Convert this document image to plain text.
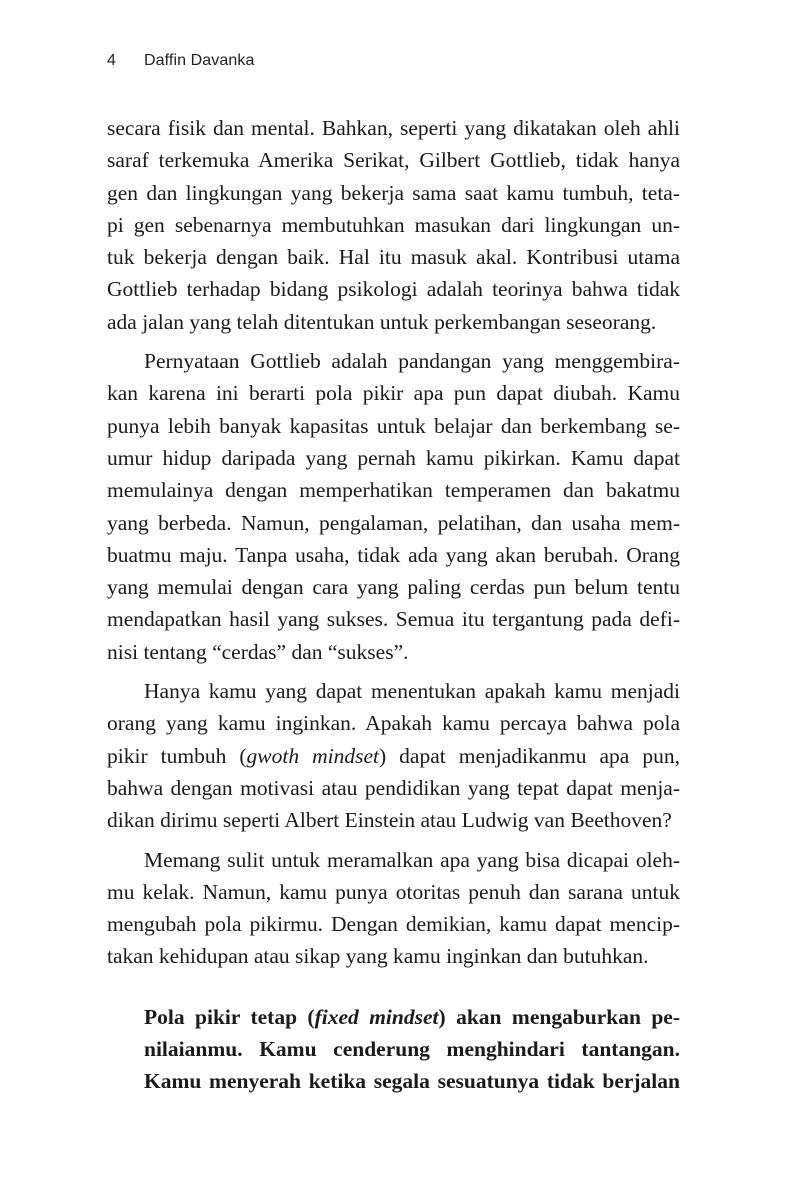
4 Daffin Davanka

secara fisik dan mental. Bahkan, seperti yang dikatakan oleh ahli
saraf terkemuka Amerika Serikat, Gilbert Gottlieb, tidak hanya
gen dan lingkungan yang bekerja sama saat kamu tumbuh, teta-
pi gen sebenarnya membutuhkan masukan dari lingkungan un-
tuk bekerja dengan baik. Hal itu masuk akal. Kontribusi utama
Gottlieb terhadap bidang psikologi adalah teorinya bahwa tidak
ada jalan yang telah ditentukan untuk perkembangan seseorang.

Pernyataan Gottlieb adalah pandangan yang menggembira-
kan karena ini berarti pola pikir apa pun dapat diubah. Kamu
punya lebih banyak kapasitas untuk belajar dan berkembang se-
umur hidup daripada yang pernah kamu pikirkan. Kamu dapat
memulainya dengan memperhatikan temperamen dan bakatmu
yang berbeda. Namun, pengalaman, pelatihan, dan usaha mem-
buatmu maju. Tanpa usaha, tidak ada yang akan berubah. Orang
yang memulai dengan cara yang paling cerdas pun belum tentu
mendapatkan hasil yang sukses. Semua itu tergantung pada defi-
nisi tentang “cerdas” dan “sukses”.

Hanya kamu yang dapat menentukan apakah kamu menjadi
orang yang kamu inginkan. Apakah kamu percaya bahwa pola
pikir tumbuh (gwoth mindset) dapat menjadikanmu apa pun,
bahwa dengan motivasi atau pendidikan yang tepat dapat menja-
dikan dirimu seperti Albert Einstein atau Ludwig van Beethoven?

Memang sulit untuk meramalkan apa yang bisa dicapai oleh-
mu kelak. Namun, kamu punya otoritas penuh dan sarana untuk
mengubah pola pikirmu. Dengan demikian, kamu dapat mencip-
takan kehidupan atau sikap yang kamu inginkan dan butuhkan.

Pola pikir tetap (fixed mindset) akan mengaburkan pe-
nilaianmu. Kamu cenderung menghindari tantangan.
Kamu menyerah ketika segala sesuatunya tidak berjalan
